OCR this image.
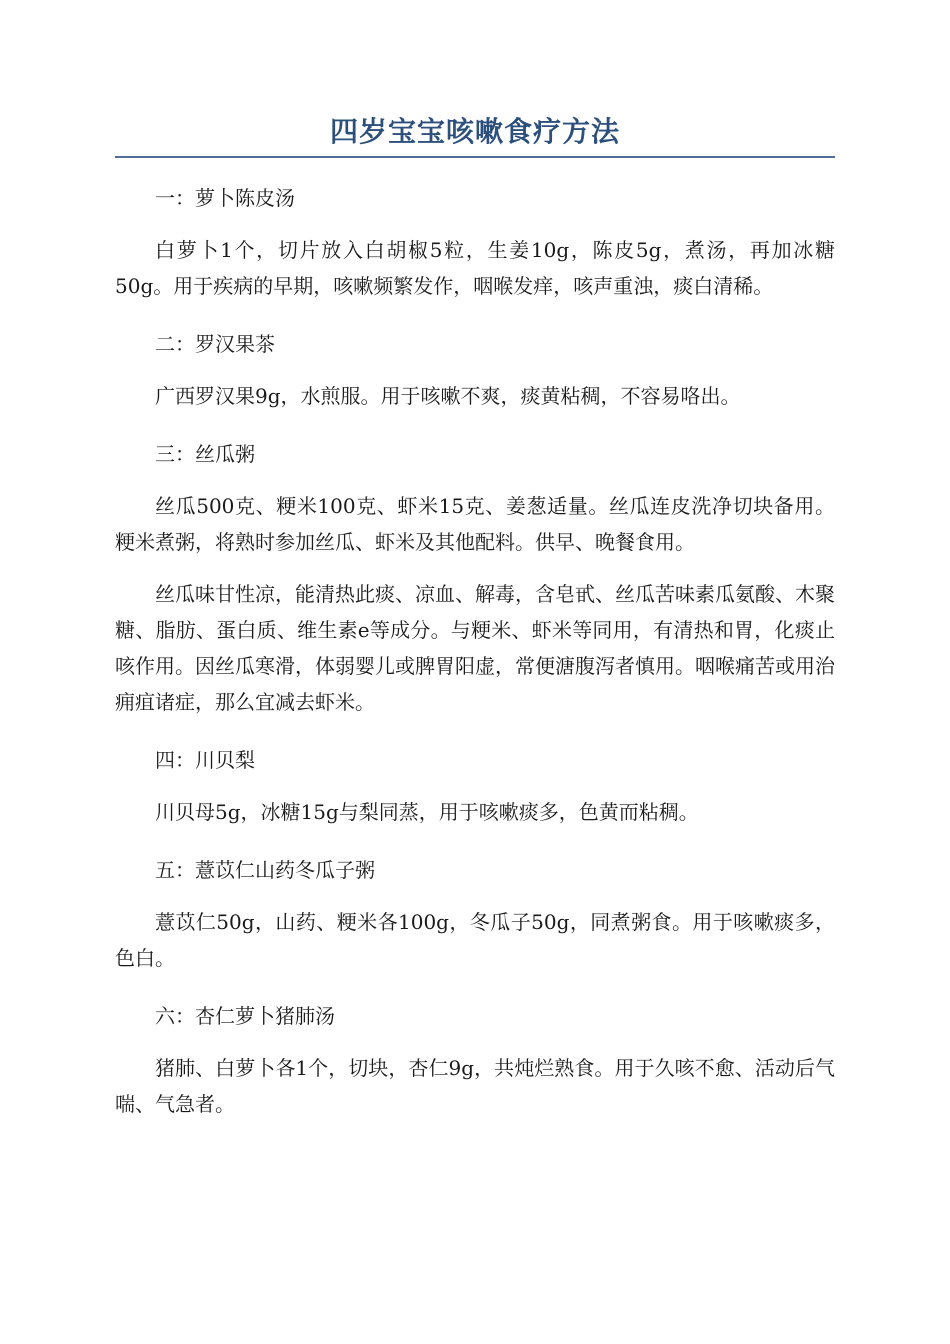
四岁宝宝咳嗽食疗方法

一：萝卜陈皮汤

白萝卜1个，切片放入白胡椒5粒，生姜10g，陈皮5g，煮汤，再加冰糖50g。用于疾病的早期，咳嗽频繁发作，咽喉发痒，咳声重浊，痰白清稀。

二：罗汉果茶

广西罗汉果9g，水煎服。用于咳嗽不爽，痰黄粘稠，不容易咯出。

三：丝瓜粥

丝瓜500克、粳米100克、虾米15克、姜葱适量。丝瓜连皮洗净切块备用。粳米煮粥，将熟时参加丝瓜、虾米及其他配料。供早、晚餐食用。

丝瓜味甘性凉，能清热此痰、凉血、解毒，含皂甙、丝瓜苦味素瓜氨酸、木聚糖、脂肪、蛋白质、维生素e等成分。与粳米、虾米等同用，有清热和胃，化痰止咳作用。因丝瓜寒滑，体弱婴儿或脾胃阳虚，常便溏腹泻者慎用。咽喉痛苦或用治痈疽诸症，那么宜减去虾米。

四：川贝梨

川贝母5g，冰糖15g与梨同蒸，用于咳嗽痰多，色黄而粘稠。

五：薏苡仁山药冬瓜子粥

薏苡仁50g，山药、粳米各100g，冬瓜子50g，同煮粥食。用于咳嗽痰多，色白。

六：杏仁萝卜猪肺汤

猪肺、白萝卜各1个，切块，杏仁9g，共炖烂熟食。用于久咳不愈、活动后气喘、气急者。
